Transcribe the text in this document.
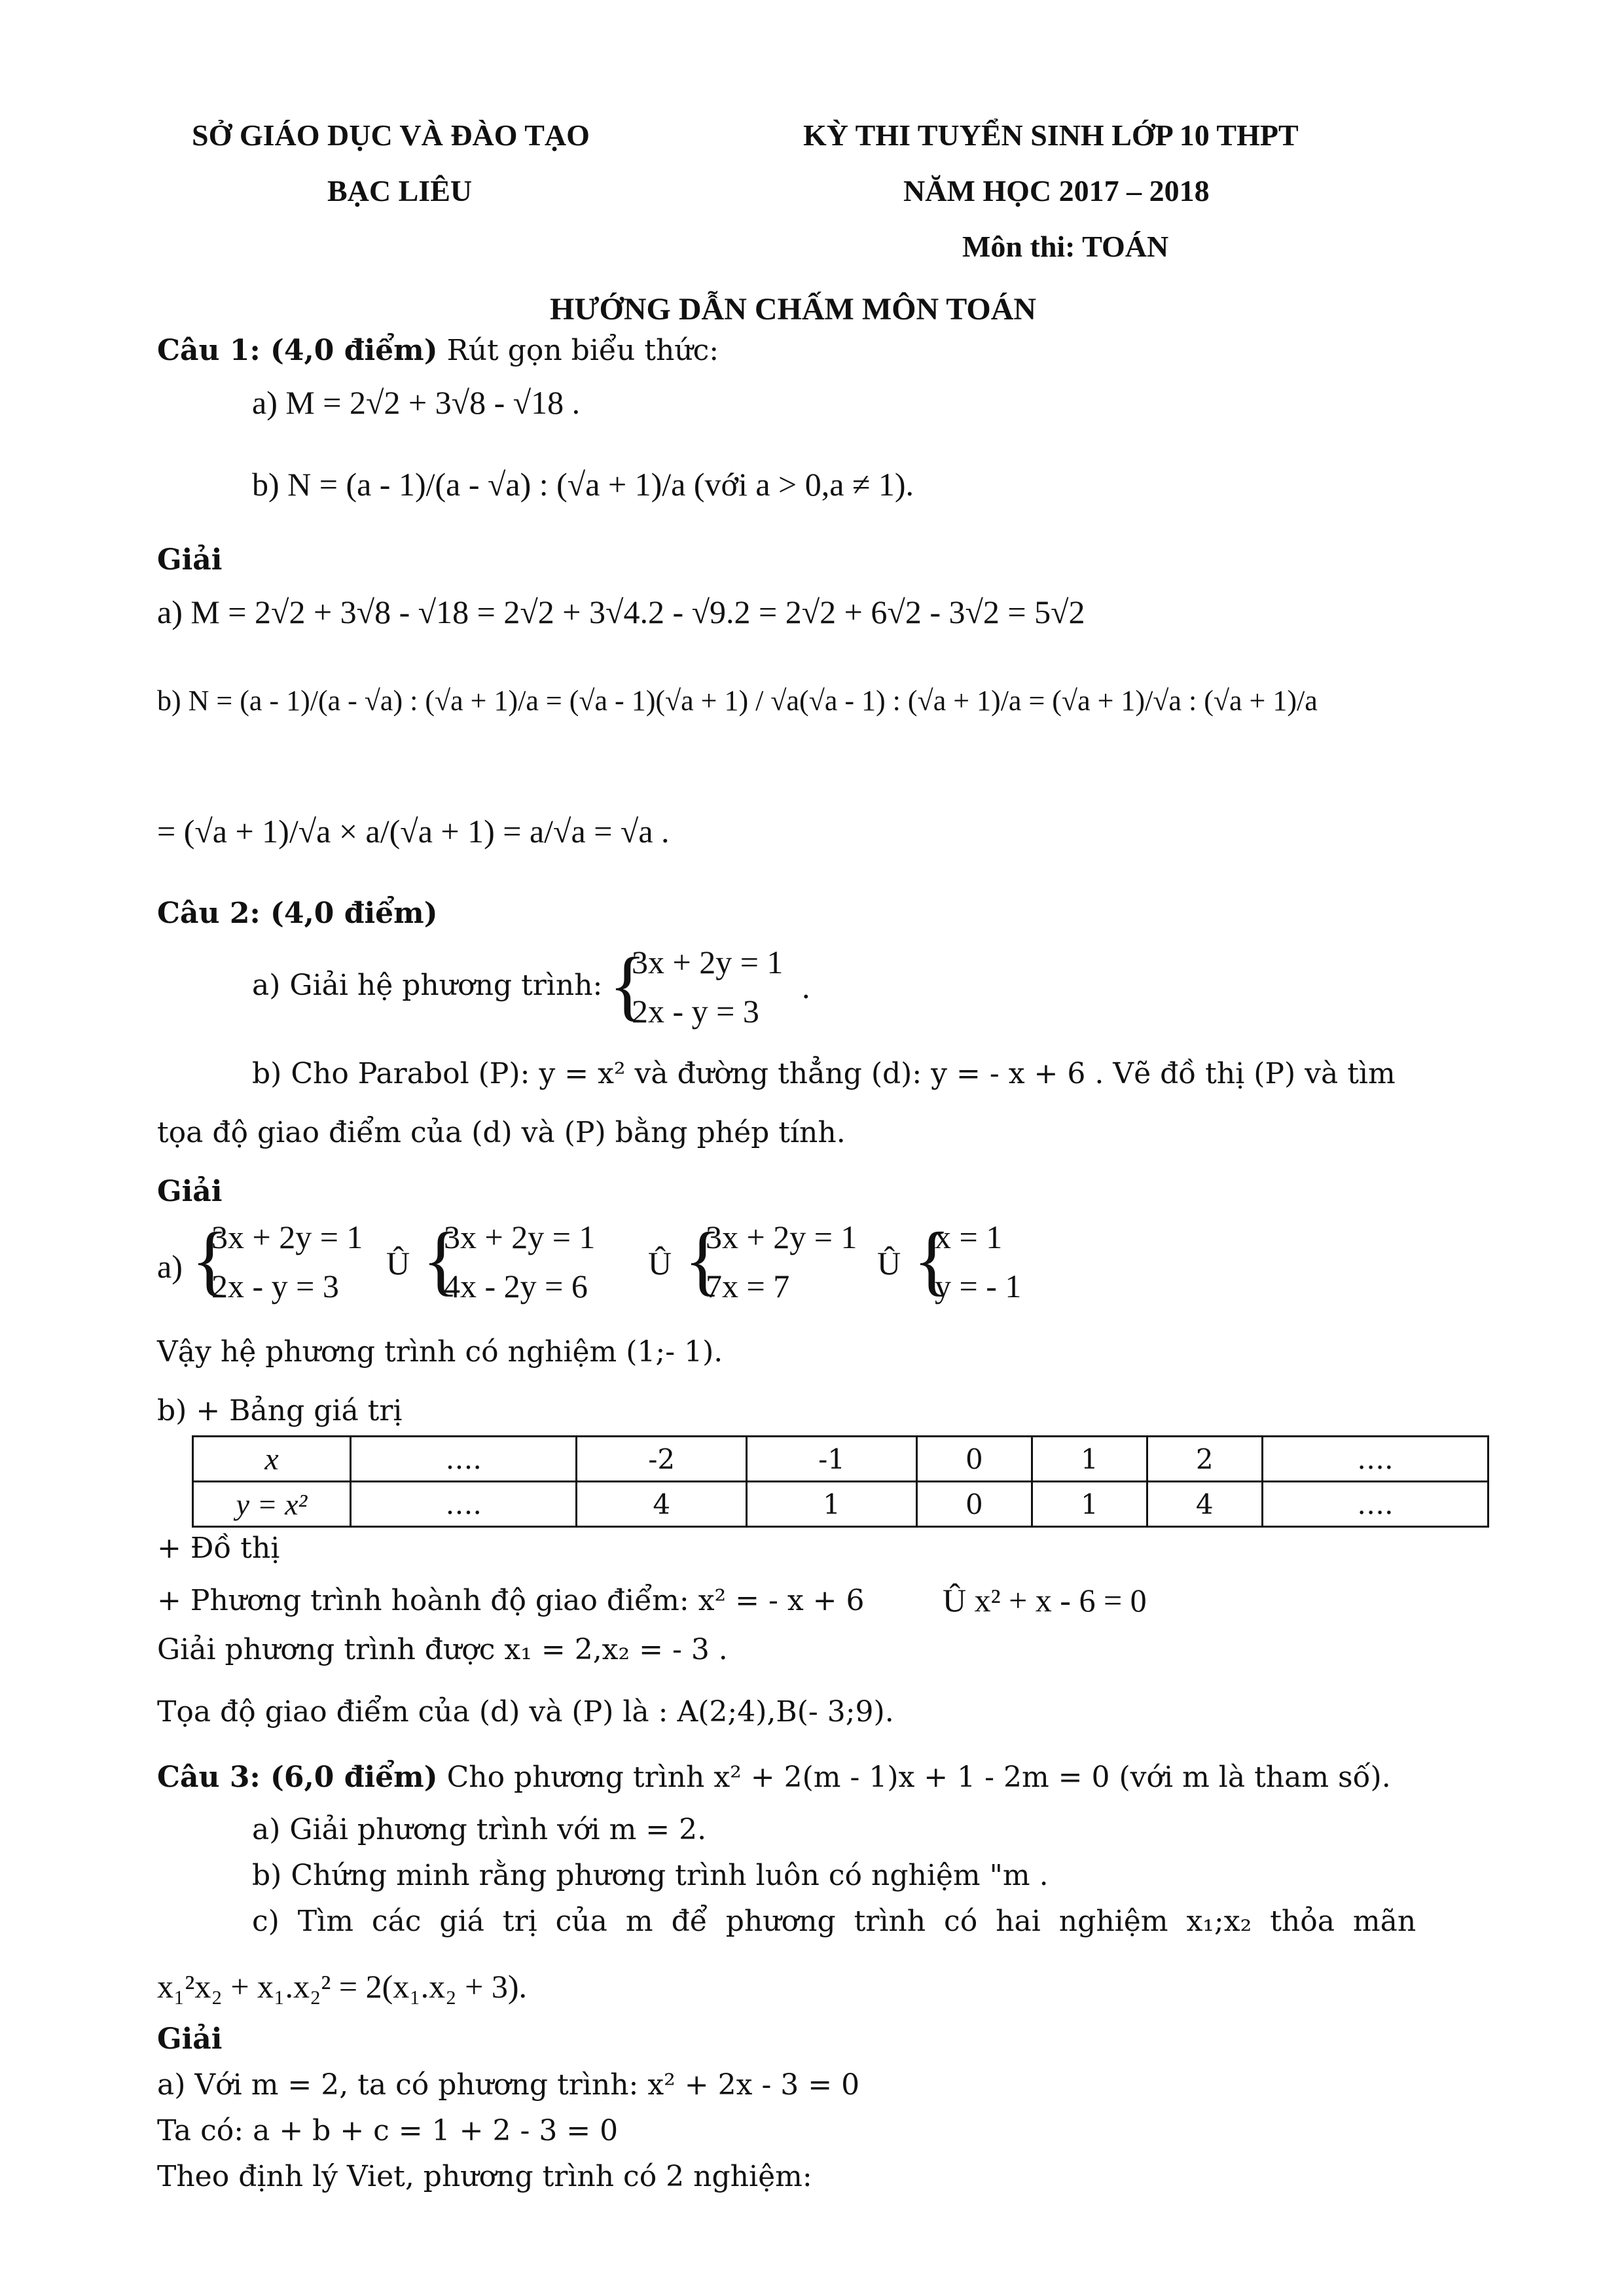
SỞ GIÁO DỤC VÀ ĐÀO TẠO
BẠC LIÊU
KỲ THI TUYỂN SINH LỚP 10 THPT
NĂM HỌC 2017 – 2018
Môn thi: TOÁN
HƯỚNG DẪN CHẤM MÔN TOÁN
Câu 1: (4,0 điểm) Rút gọn biểu thức:
a) M = 2√2 + 3√8 - √18 .
b) N = (a - 1)/(a - √a) : (√a + 1)/a (với a > 0,a ≠ 1).
Giải
a) M = 2√2 + 3√8 - √18 = 2√2 + 3√4.2 - √9.2 = 2√2 + 6√2 - 3√2 = 5√2
b) N = (a - 1)/(a - √a) : (√a + 1)/a = (√a - 1)(√a + 1) / √a(√a - 1) : (√a + 1)/a = (√a + 1)/√a : (√a + 1)/a
= (√a + 1)/√a × a/(√a + 1) = a/√a = √a .
Câu 2: (4,0 điểm)
a) Giải hệ phương trình: {
3x + 2y = 1
2x - y = 3
.
b) Cho Parabol (P): y = x² và đường thẳng (d): y = - x + 6 . Vẽ đồ thị (P) và tìm
tọa độ giao điểm của (d) và (P) bằng phép tính.
Giải
a) {
3x + 2y = 1
2x - y = 3
Û {
3x + 2y = 1
4x - 2y = 6
Û {
3x + 2y = 1
7x = 7
Û {
x = 1
y = - 1
Vậy hệ phương trình có nghiệm (1;- 1).
b) + Bảng giá trị
x	….	-2	-1	0	1	2	….
y = x²	….	4	1	0	1	4	….
+ Đồ thị
+ Phương trình hoành độ giao điểm: x² = - x + 6 Û x² + x - 6 = 0
Giải phương trình được x₁ = 2,x₂ = - 3 .
Tọa độ giao điểm của (d) và (P) là : A(2;4),B(- 3;9).
Câu 3: (6,0 điểm) Cho phương trình x² + 2(m - 1)x + 1 - 2m = 0 (với m là tham số).
a) Giải phương trình với m = 2.
b) Chứng minh rằng phương trình luôn có nghiệm "m .
c) Tìm các giá trị của m để phương trình có hai nghiệm x₁;x₂ thỏa mãn
x₁²x₂ + x₁.x₂² = 2(x₁.x₂ + 3).
Giải
a) Với m = 2, ta có phương trình: x² + 2x - 3 = 0
Ta có: a + b + c = 1 + 2 - 3 = 0
Theo định lý Viet, phương trình có 2 nghiệm:
